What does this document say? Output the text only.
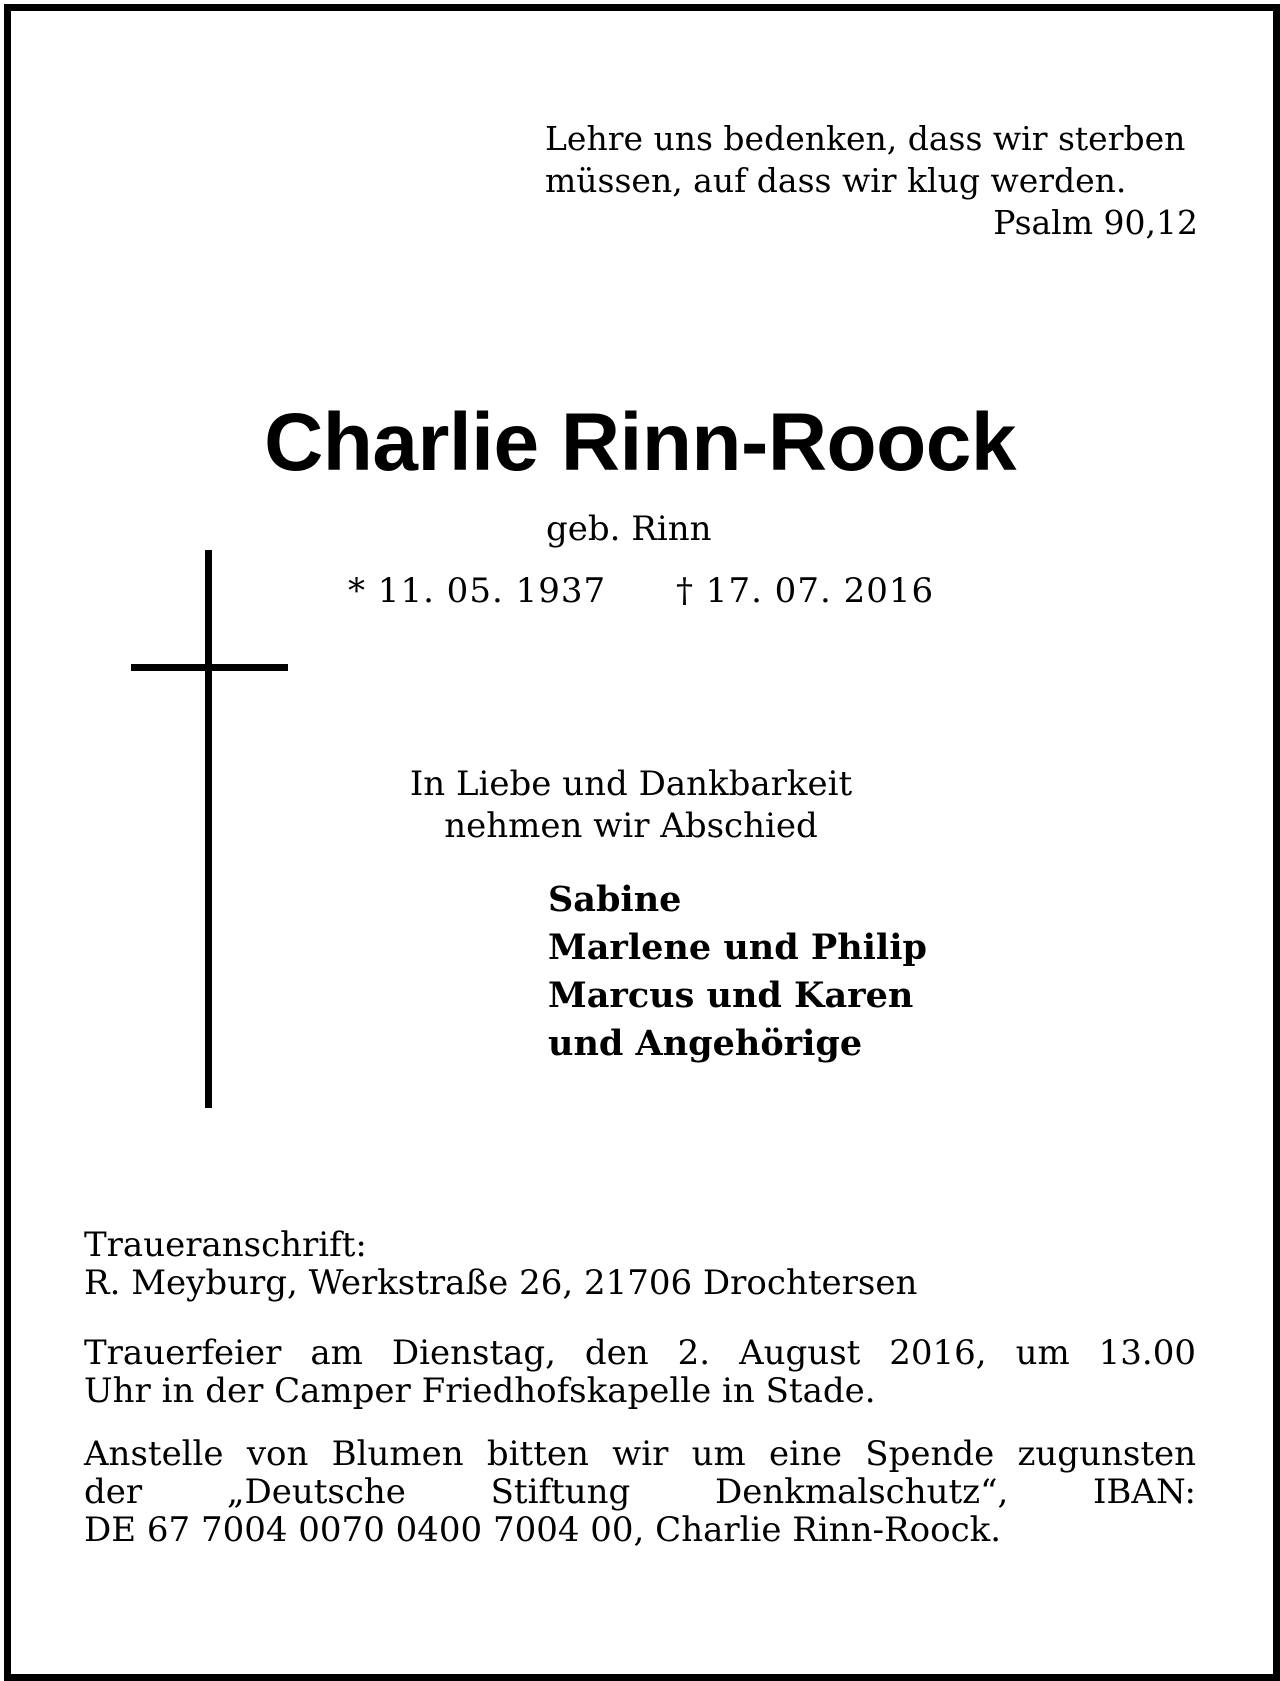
Lehre uns bedenken, dass wir sterben
müssen, auf dass wir klug werden.
Psalm 90,12
Charlie Rinn-Roock
geb. Rinn
* 11. 05. 1937 † 17. 07. 2016
In Liebe und Dankbarkeit
nehmen wir Abschied
Sabine
Marlene und Philip
Marcus und Karen
und Angehörige
Traueranschrift:
R. Meyburg, Werkstraße 26, 21706 Drochtersen
Trauerfeier am Dienstag, den 2. August 2016, um 13.00
Uhr in der Camper Friedhofskapelle in Stade.
Anstelle von Blumen bitten wir um eine Spende zugunsten
der „Deutsche Stiftung Denkmalschutz“, IBAN:
DE 67 7004 0070 0400 7004 00, Charlie Rinn-Roock.
